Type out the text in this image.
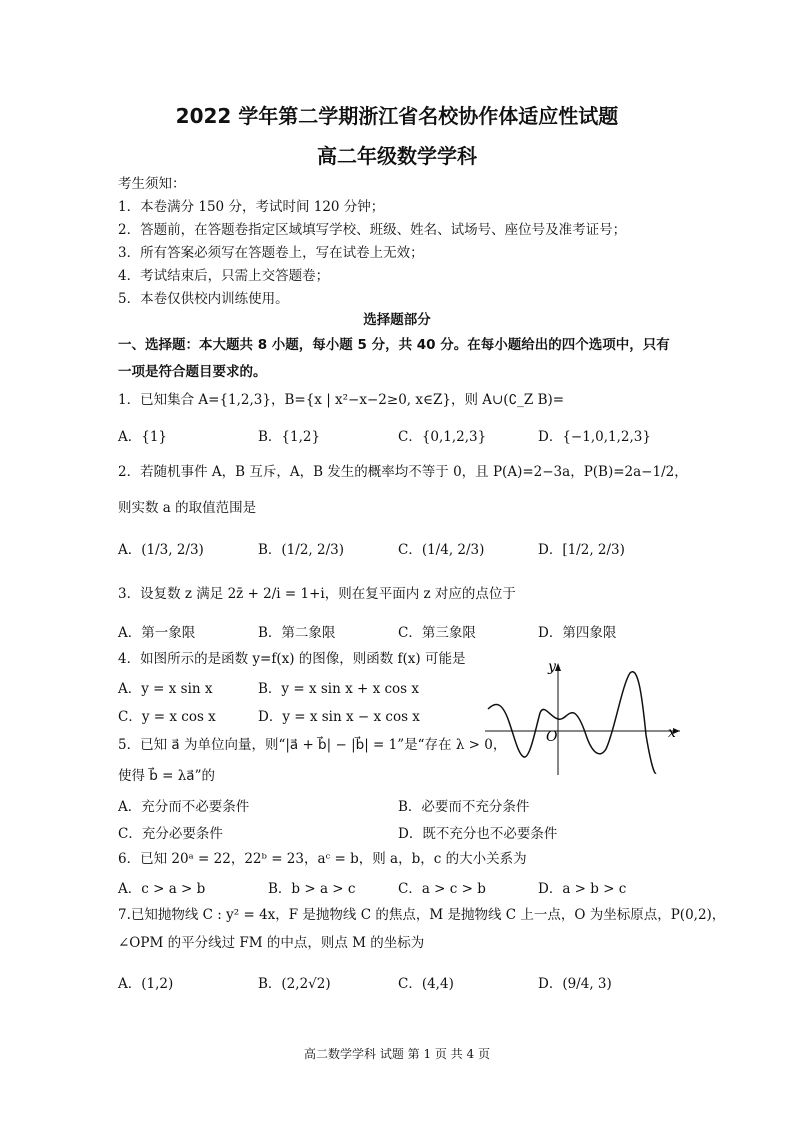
2022 学年第二学期浙江省名校协作体适应性试题
高二年级数学学科
考生须知：
1．本卷满分 150 分，考试时间 120 分钟；
2．答题前，在答题卷指定区域填写学校、班级、姓名、试场号、座位号及准考证号；
3．所有答案必须写在答题卷上，写在试卷上无效；
4．考试结束后，只需上交答题卷；
5．本卷仅供校内训练使用。
选择题部分
一、选择题：本大题共 8 小题，每小题 5 分，共 40 分。在每小题给出的四个选项中，只有
一项是符合题目要求的。
1．已知集合 A={1,2,3}，B={x | x²−x−2≥0, x∈Z}，则 A∪(∁_Z B)=
A．{1}	B．{1,2}	C．{0,1,2,3}	D．{−1,0,1,2,3}
2．若随机事件 A，B 互斥，A，B 发生的概率均不等于 0，且 P(A)=2−3a，P(B)=2a−1/2，
则实数 a 的取值范围是
A．(1/3, 2/3)	B．(1/2, 2/3)	C．(1/4, 2/3)	D．[1/2, 2/3)
3．设复数 z 满足 2z̄ + 2/i = 1+i，则在复平面内 z 对应的点位于
A．第一象限	B．第二象限	C．第三象限	D．第四象限
4．如图所示的是函数 y=f(x) 的图像，则函数 f(x) 可能是
A．y = x sin x	B．y = x sin x + x cos x
C．y = x cos x	D．y = x sin x − x cos x
5．已知 a⃗ 为单位向量，则“|a⃗ + b⃗| − |b⃗| = 1”是“存在 λ > 0，
使得 b⃗ = λa⃗”的
A．充分而不必要条件	B．必要而不充分条件
C．充分必要条件	D．既不充分也不必要条件
6．已知 20ᵃ = 22，22ᵇ = 23，aᶜ = b，则 a，b，c 的大小关系为
A．c > a > b	B．b > a > c	C．a > c > b	D．a > b > c
7.已知抛物线 C : y² = 4x，F 是抛物线 C 的焦点，M 是抛物线 C 上一点，O 为坐标原点，P(0,2)，
∠OPM 的平分线过 FM 的中点，则点 M 的坐标为
A．(1,2)	B．(2,2√2)	C．(4,4)	D．(9/4, 3)
x
y
O
高二数学学科 试题 第 1 页 共 4 页
